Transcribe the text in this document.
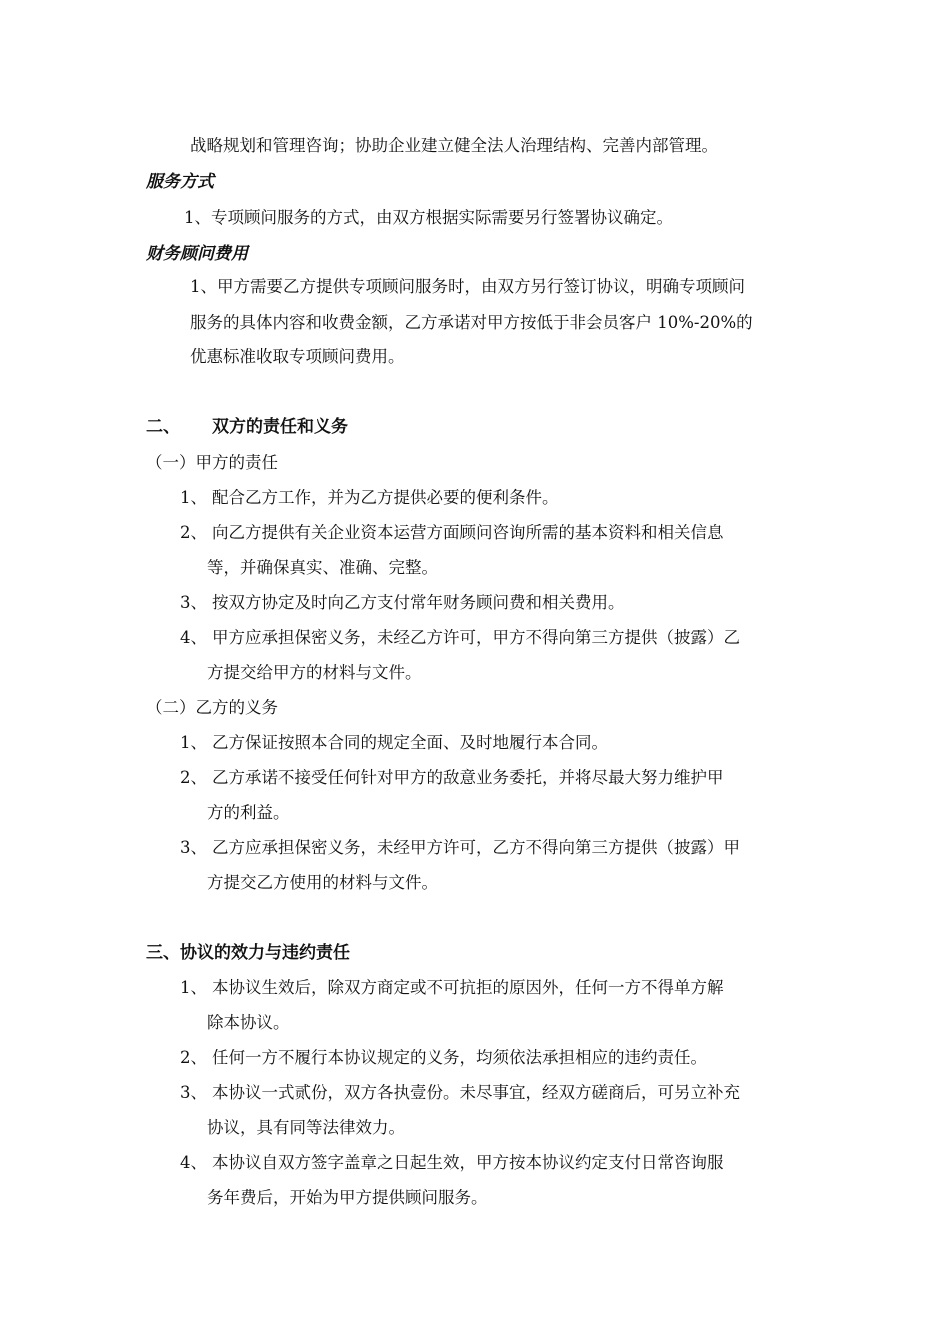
战略规划和管理咨询；协助企业建立健全法人治理结构、完善内部管理。
服务方式
1、专项顾问服务的方式，由双方根据实际需要另行签署协议确定。
财务顾问费用
1、甲方需要乙方提供专项顾问服务时，由双方另行签订协议，明确专项顾问
服务的具体内容和收费金额，乙方承诺对甲方按低于非会员客户 10%-20%的
优惠标准收取专项顾问费用。
二、 双方的责任和义务
（一）甲方的责任
1、 配合乙方工作，并为乙方提供必要的便利条件。
2、 向乙方提供有关企业资本运营方面顾问咨询所需的基本资料和相关信息
等，并确保真实、准确、完整。
3、 按双方协定及时向乙方支付常年财务顾问费和相关费用。
4、 甲方应承担保密义务，未经乙方许可，甲方不得向第三方提供（披露）乙
方提交给甲方的材料与文件。
（二）乙方的义务
1、 乙方保证按照本合同的规定全面、及时地履行本合同。
2、 乙方承诺不接受任何针对甲方的敌意业务委托，并将尽最大努力维护甲
方的利益。
3、 乙方应承担保密义务，未经甲方许可，乙方不得向第三方提供（披露）甲
方提交乙方使用的材料与文件。
三、协议的效力与违约责任
1、 本协议生效后，除双方商定或不可抗拒的原因外，任何一方不得单方解
除本协议。
2、 任何一方不履行本协议规定的义务，均须依法承担相应的违约责任。
3、 本协议一式贰份，双方各执壹份。未尽事宜，经双方磋商后，可另立补充
协议，具有同等法律效力。
4、 本协议自双方签字盖章之日起生效，甲方按本协议约定支付日常咨询服
务年费后，开始为甲方提供顾问服务。
